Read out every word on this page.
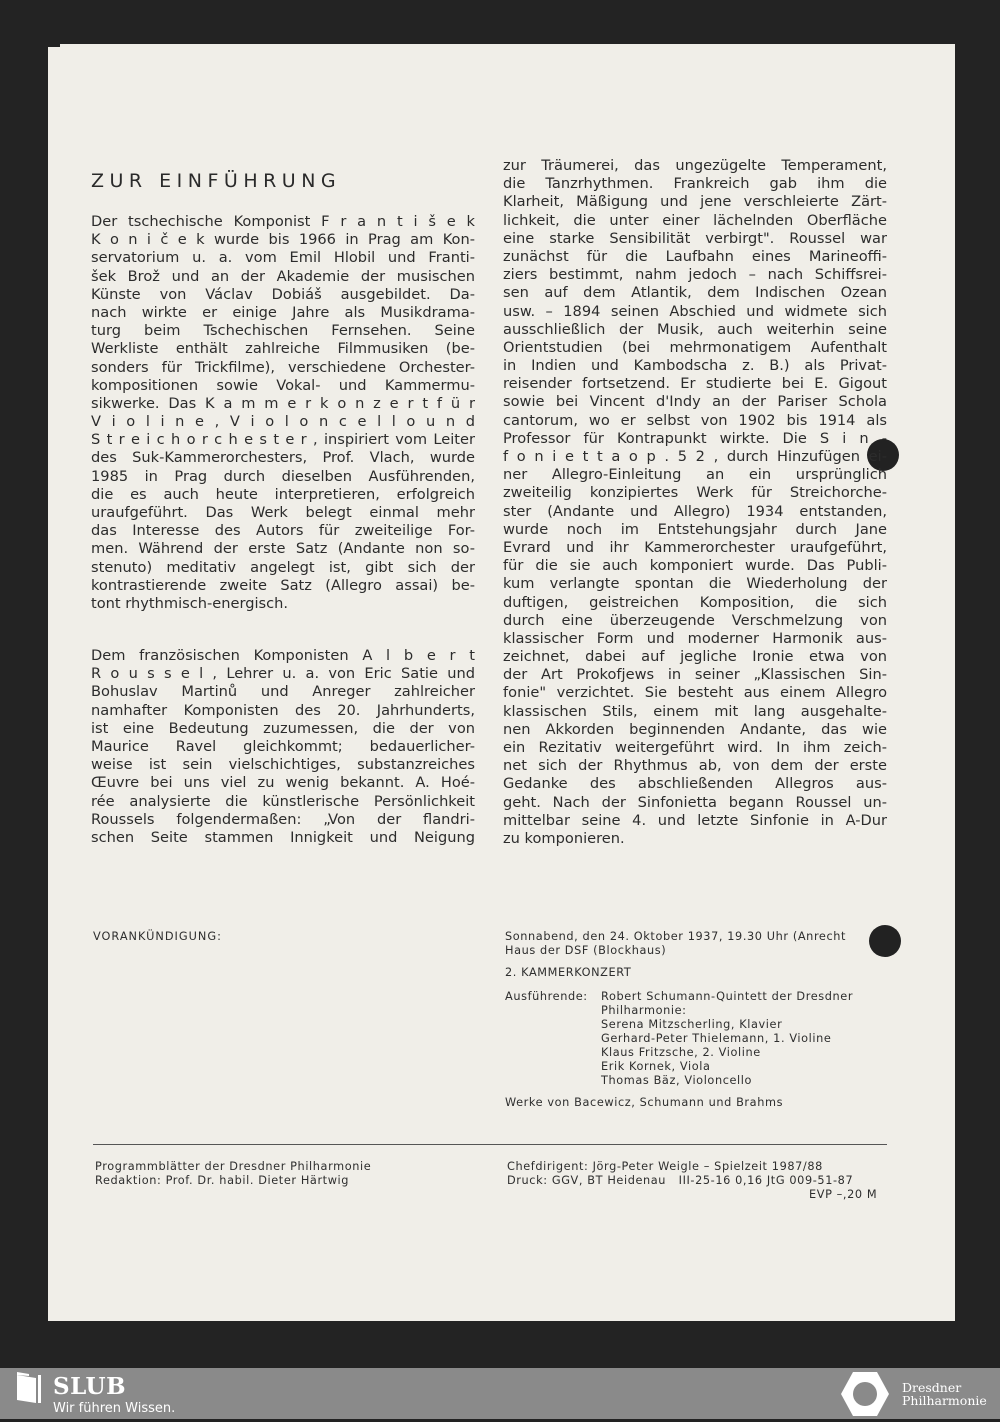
ZUR EINFÜHRUNG
Der tschechische Komponist F r a n t i š e k
K o n i č e k wurde bis 1966 in Prag am Kon-
servatorium u. a. vom Emil Hlobil und Franti-
šek Brož und an der Akademie der musischen
Künste von Václav Dobiáš ausgebildet. Da-
nach wirkte er einige Jahre als Musikdrama-
turg beim Tschechischen Fernsehen. Seine
Werkliste enthält zahlreiche Filmmusiken (be-
sonders für Trickfilme), verschiedene Orchester-
kompositionen sowie Vokal- und Kammermu-
sikwerke. Das K a m m e r k o n z e r t f ü r
V i o l i n e , V i o l o n c e l l o u n d
S t r e i c h o r c h e s t e r , inspiriert vom Leiter
des Suk-Kammerorchesters, Prof. Vlach, wurde
1985 in Prag durch dieselben Ausführenden,
die es auch heute interpretieren, erfolgreich
uraufgeführt. Das Werk belegt einmal mehr
das Interesse des Autors für zweiteilige For-
men. Während der erste Satz (Andante non so-
stenuto) meditativ angelegt ist, gibt sich der
kontrastierende zweite Satz (Allegro assai) be-
tont rhythmisch-energisch.
Dem französischen Komponisten A l b e r t
R o u s s e l , Lehrer u. a. von Eric Satie und
Bohuslav Martinů und Anreger zahlreicher
namhafter Komponisten des 20. Jahrhunderts,
ist eine Bedeutung zuzumessen, die der von
Maurice Ravel gleichkommt; bedauerlicher-
weise ist sein vielschichtiges, substanzreiches
Œuvre bei uns viel zu wenig bekannt. A. Hoé-
rée analysierte die künstlerische Persönlichkeit
Roussels folgendermaßen: „Von der flandri-
schen Seite stammen Innigkeit und Neigung
zur Träumerei, das ungezügelte Temperament,
die Tanzrhythmen. Frankreich gab ihm die
Klarheit, Mäßigung und jene verschleierte Zärt-
lichkeit, die unter einer lächelnden Oberfläche
eine starke Sensibilität verbirgt". Roussel war
zunächst für die Laufbahn eines Marineoffi-
ziers bestimmt, nahm jedoch – nach Schiffsrei-
sen auf dem Atlantik, dem Indischen Ozean
usw. – 1894 seinen Abschied und widmete sich
ausschließlich der Musik, auch weiterhin seine
Orientstudien (bei mehrmonatigem Aufenthalt
in Indien und Kambodscha z. B.) als Privat-
reisender fortsetzend. Er studierte bei E. Gigout
sowie bei Vincent d'Indy an der Pariser Schola
cantorum, wo er selbst von 1902 bis 1914 als
Professor für Kontrapunkt wirkte. Die S i n -
f o n i e t t a o p . 5 2 , durch Hinzufügen ei-
ner Allegro-Einleitung an ein ursprünglich
zweiteilig konzipiertes Werk für Streichorche-
ster (Andante und Allegro) 1934 entstanden,
wurde noch im Entstehungsjahr durch Jane
Evrard und ihr Kammerorchester uraufgeführt,
für die sie auch komponiert wurde. Das Publi-
kum verlangte spontan die Wiederholung der
duftigen, geistreichen Komposition, die sich
durch eine überzeugende Verschmelzung von
klassischer Form und moderner Harmonik aus-
zeichnet, dabei auf jegliche Ironie etwa von
der Art Prokofjews in seiner „Klassischen Sin-
fonie" verzichtet. Sie besteht aus einem Allegro
klassischen Stils, einem mit lang ausgehalte-
nen Akkorden beginnenden Andante, das wie
ein Rezitativ weitergeführt wird. In ihm zeich-
net sich der Rhythmus ab, von dem der erste
Gedanke des abschließenden Allegros aus-
geht. Nach der Sinfonietta begann Roussel un-
mittelbar seine 4. und letzte Sinfonie in A-Dur
zu komponieren.
VORANKÜNDIGUNG:	Sonnabend, den 24. Oktober 1937, 19.30 Uhr (Anrecht
Haus der DSF (Blockhaus)
2. KAMMERKONZERT
Ausführende: Robert Schumann-Quintett der Dresdner
Philharmonie:
Serena Mitzscherling, Klavier
Gerhard-Peter Thielemann, 1. Violine
Klaus Fritzsche, 2. Violine
Erik Kornek, Viola
Thomas Bäz, Violoncello
Werke von Bacewicz, Schumann und Brahms
Programmblätter der Dresdner Philharmonie
Redaktion: Prof. Dr. habil. Dieter Härtwig
Chefdirigent: Jörg-Peter Weigle – Spielzeit 1987/88
Druck: GGV, BT Heidenau   III-25-16 0,16 JtG 009-51-87
EVP –,20 M
SLUB
Wir führen Wissen.
Dresdner
Philharmonie
